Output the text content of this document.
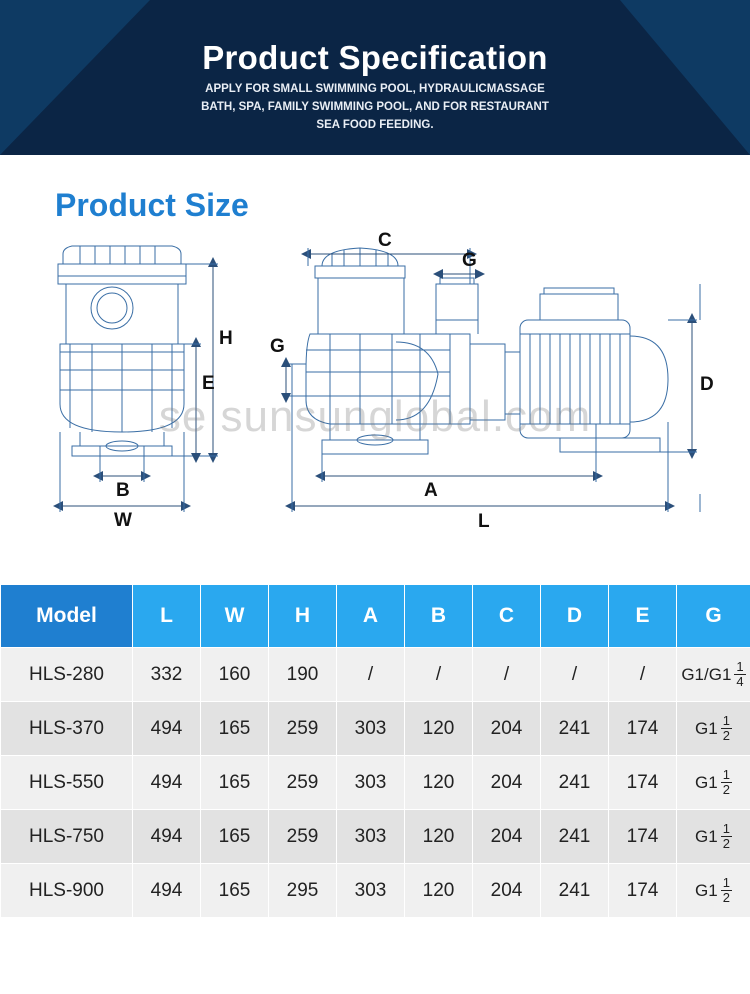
Product Specification
APPLY FOR SMALL SWIMMING POOL, HYDRAULICMASSAGE
BATH, SPA, FAMILY SWIMMING POOL, AND FOR RESTAURANT
SEA FOOD FEEDING.
Product Size
H
E
B
W
C
G
G
D
A
L
se sunsunglobal.com
Model	L	W	H	A	B	C	D	E	G
HLS-280	332	160	190	/	/	/	/	/	$G1/G1 \frac{1}{4}$

HLS-370	494	165	259	303	120	204	241	174	$G1 \frac{1}{2}$

HLS-550	494	165	259	303	120	204	241	174	$G1 \frac{1}{2}$

HLS-750	494	165	259	303	120	204	241	174	$G1 \frac{1}{2}$

HLS-900	494	165	295	303	120	204	241	174	$G1 \frac{1}{2}$
